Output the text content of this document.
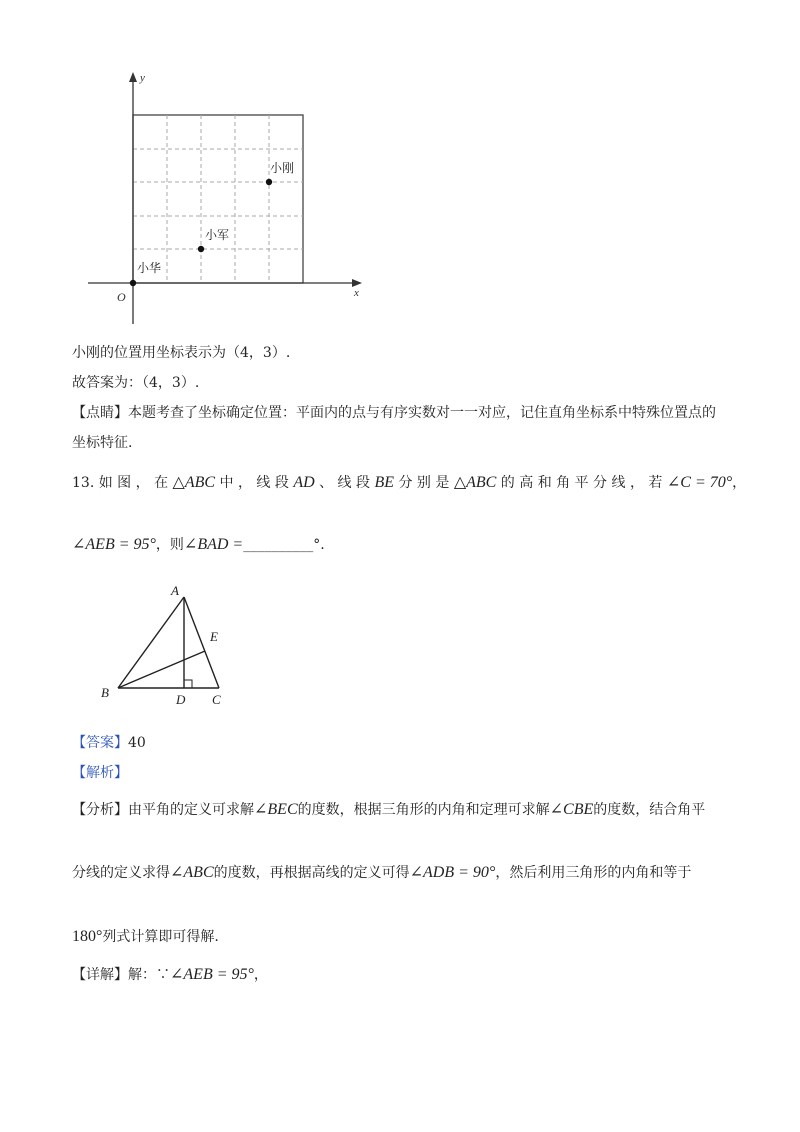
y
x
O
小华
小军
小刚
小刚的位置用坐标表示为（4，3）.
故答案为：（4，3）.
【点睛】本题考查了坐标确定位置：平面内的点与有序实数对一一对应，记住直角坐标系中特殊位置点的
坐标特征.
13. 如 图 ， 在 △ABC 中 ， 线 段 AD 、 线 段 BE 分 别 是 △ABC 的 高 和 角 平 分 线 ， 若 ∠C = 70°，
∠AEB = 95°，则∠BAD =__________°.
A
B	C
D
E
【答案】40
【解析】
【分析】由平角的定义可求解∠BEC的度数，根据三角形的内角和定理可求解∠CBE的度数，结合角平
分线的定义求得∠ABC的度数，再根据高线的定义可得∠ADB = 90°，然后利用三角形的内角和等于
180°列式计算即可得解.
【详解】解：∵∠AEB = 95°，
